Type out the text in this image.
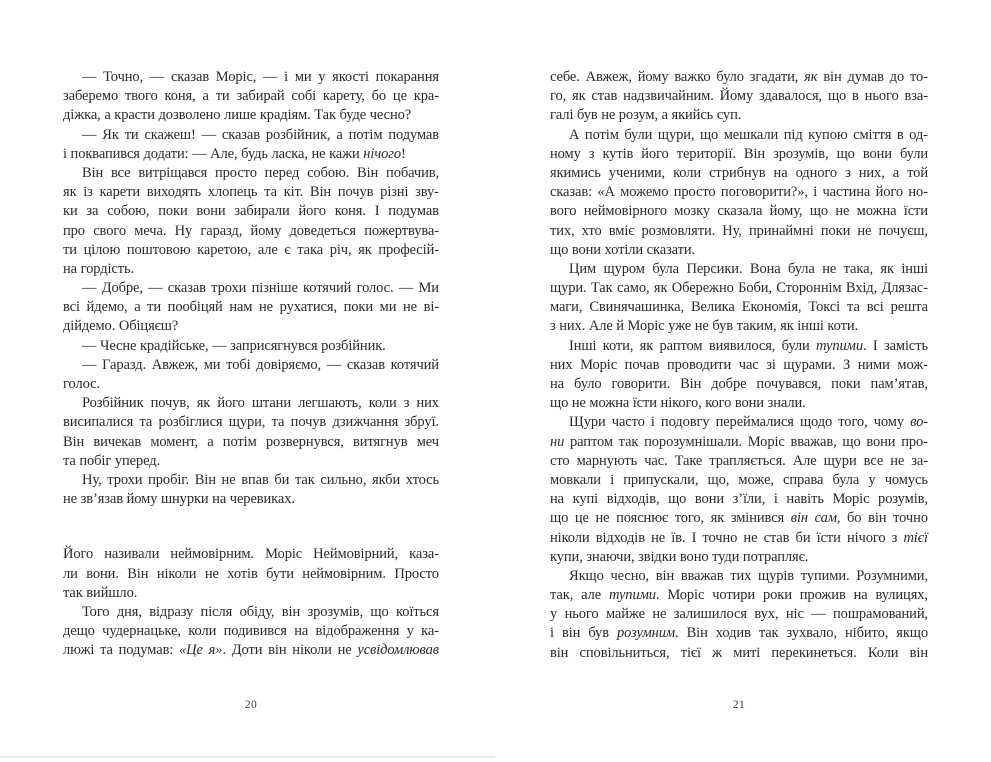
— Точно, — сказав Моріс, — і ми у якості покарання
заберемо твого коня, а ти забирай собі карету, бо це кра-
діжка, а красти дозволено лише крадіям. Так буде чесно?
— Як ти скажеш! — сказав розбійник, а потім подумав
і поквапився додати: — Але, будь ласка, не кажи нічого!
Він все витріщався просто перед собою. Він побачив,
як із карети виходять хлопець та кіт. Він почув різні зву-
ки за собою, поки вони забирали його коня. І подумав
про свого меча. Ну гаразд, йому доведеться пожертвува-
ти цілою поштовою каретою, але є така річ, як професій-
на гордість.
— Добре, — сказав трохи пізніше котячий голос. — Ми
всі йдемо, а ти пообіцяй нам не рухатися, поки ми не ві-
дійдемо. Обіцяєш?
— Чесне крадійське, — заприсягнувся розбійник.
— Гаразд. Авжеж, ми тобі довіряємо, — сказав котячий
голос.
Розбійник почув, як його штани легшають, коли з них
висипалися та розбіглися щури, та почув дзижчання збруї.
Він вичекав момент, а потім розвернувся, витягнув меч
та побіг уперед.
Ну, трохи пробіг. Він не впав би так сильно, якби хтось
не зв’язав йому шнурки на черевиках.
Його називали неймовірним. Моріс Неймовірний, каза-
ли вони. Він ніколи не хотів бути неймовірним. Просто
так вийшло.
Того дня, відразу після обіду, він зрозумів, що коїться
дещо чудернацьке, коли подивився на відображення у ка-
люжі та подумав: «Це я». Доти він ніколи не усвідомлював
20
себе. Авжеж, йому важко було згадати, як він думав до то-
го, як став надзвичайним. Йому здавалося, що в нього вза-
галі був не розум, а якийсь суп.
А потім були щури, що мешкали під купою сміття в од-
ному з кутів його території. Він зрозумів, що вони були
якимись ученими, коли стрибнув на одного з них, а той
сказав: «А можемо просто поговорити?», і частина його но-
вого неймовірного мозку сказала йому, що не можна їсти
тих, хто вміє розмовляти. Ну, принаймні поки не почуєш,
що вони хотіли сказати.
Цим щуром була Персики. Вона була не така, як інші
щури. Так само, як Обережно Боби, Стороннім Вхід, Длязас-
маги, Свинячашинка, Велика Економія, Токсі та всі решта
з них. Але й Моріс уже не був таким, як інші коти.
Інші коти, як раптом виявилося, були тупими. І замість
них Моріс почав проводити час зі щурами. З ними мож-
на було говорити. Він добре почувався, поки пам’ятав,
що не можна їсти нікого, кого вони знали.
Щури часто і подовгу переймалися щодо того, чому во-
ни раптом так порозумнішали. Моріс вважав, що вони про-
сто марнують час. Таке трапляється. Але щури все не за-
мовкали і припускали, що, може, справа була у чомусь
на купі відходів, що вони з’їли, і навіть Моріс розумів,
що це не пояснює того, як змінився він сам, бо він точно
ніколи відходів не їв. І точно не став би їсти нічого з тієї
купи, знаючи, звідки воно туди потрапляє.
Якщо чесно, він вважав тих щурів тупими. Розумними,
так, але тупими. Моріс чотири роки прожив на вулицях,
у нього майже не залишилося вух, ніс — пошрамований,
і він був розумним. Він ходив так зухвало, нібито, якщо
він сповільниться, тієї ж миті перекинеться. Коли він
21
